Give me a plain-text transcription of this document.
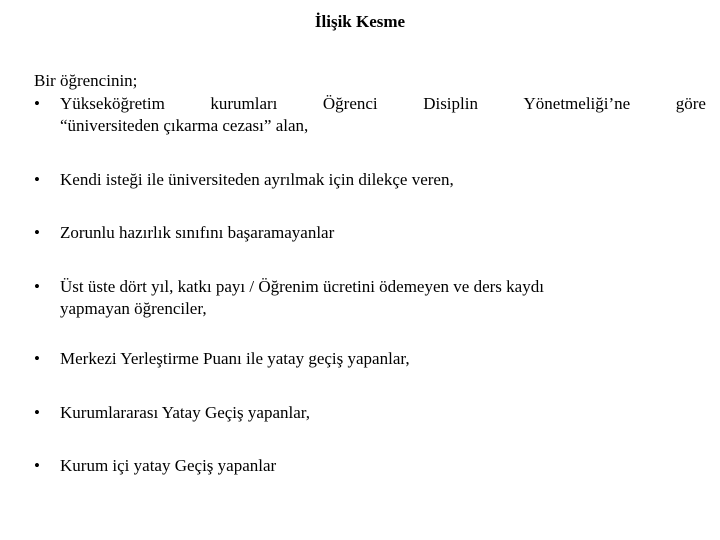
İlişik Kesme
Bir öğrencinin;
•	Yükseköğretim	kurumları	Öğrenci	Disiplin	Yönetmeliği’ne	göre
“üniversiteden çıkarma cezası” alan,
•	Kendi isteği ile üniversiteden ayrılmak için dilekçe veren,
•	Zorunlu hazırlık sınıfını başaramayanlar
•	Üst üste dört yıl, katkı payı / Öğrenim ücretini ödemeyen ve ders kaydı
yapmayan öğrenciler,
•	Merkezi Yerleştirme Puanı ile yatay geçiş yapanlar,
•	Kurumlararası Yatay Geçiş yapanlar,
•	Kurum içi yatay Geçiş yapanlar
